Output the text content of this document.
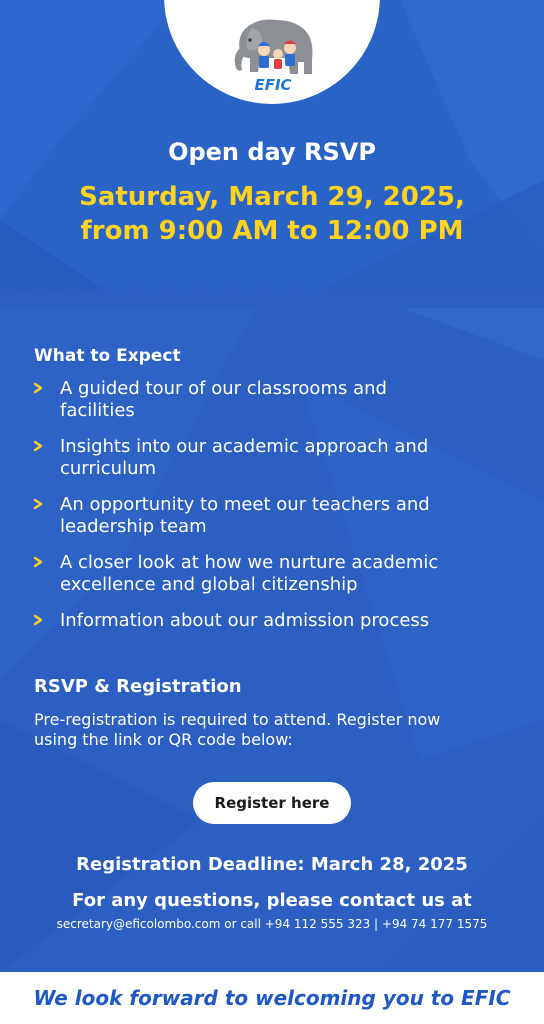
EFIC
Open day RSVP
Saturday, March 29, 2025,
from 9:00 AM to 12:00 PM
What to Expect
A guided tour of our classrooms and
facilities
Insights into our academic approach and
curriculum
An opportunity to meet our teachers and
leadership team
A closer look at how we nurture academic
excellence and global citizenship
Information about our admission process
RSVP & Registration
Pre-registration is required to attend. Register now
using the link or QR code below:
Register here
Registration Deadline: March 28, 2025
For any questions, please contact us at
secretary@eficolombo.com or call +94 112 555 323 | +94 74 177 1575
We look forward to welcoming you to EFIC
